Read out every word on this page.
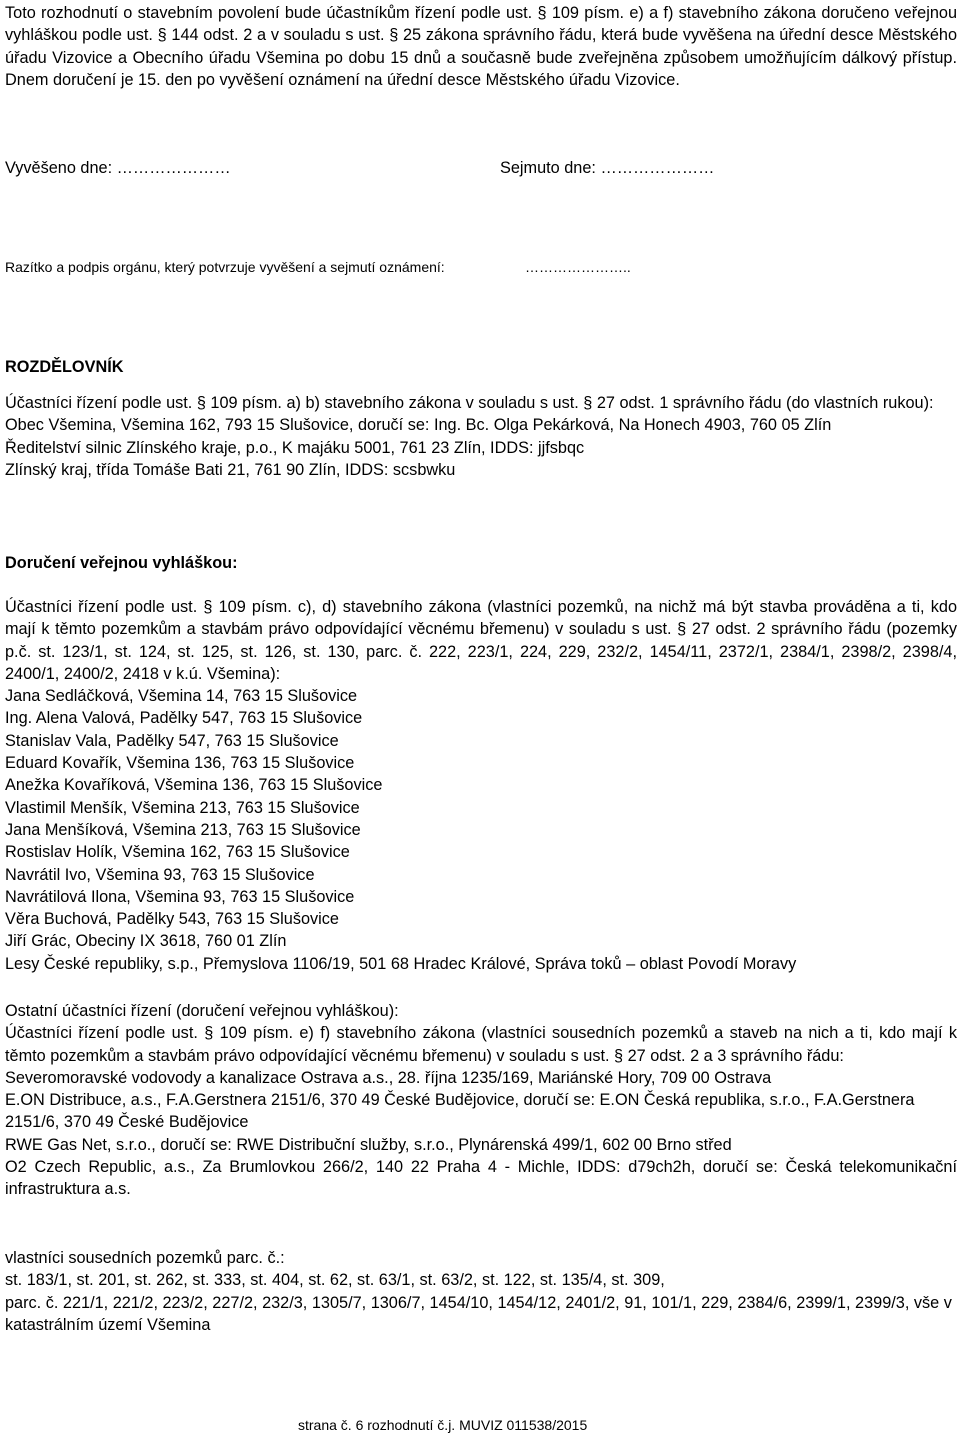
Toto rozhodnutí o stavebním povolení bude účastníkům řízení podle ust. § 109 písm. e) a f) stavebního zákona doručeno veřejnou vyhláškou podle ust. § 144 odst. 2 a v souladu s ust. § 25 zákona správního řádu, která bude vyvěšena na úřední desce Městského úřadu Vizovice a Obecního úřadu Všemina po dobu 15 dnů a současně bude zveřejněna způsobem umožňujícím dálkový přístup. Dnem doručení je 15. den po vyvěšení oznámení na úřední desce Městského úřadu Vizovice.
Vyvěšeno dne: …………………	Sejmuto dne: …………………
Razítko a podpis orgánu, který potvrzuje vyvěšení a sejmutí oznámení:	…………………..
ROZDĚLOVNÍK

Účastníci řízení podle ust. § 109 písm. a) b) stavebního zákona v souladu s ust. § 27 odst. 1 správního řádu (do vlastních rukou):

Obec Všemina, Všemina 162, 793 15 Slušovice, doručí se: Ing. Bc. Olga Pekárková, Na Honech 4903, 760 05 Zlín

Ředitelství silnic Zlínského kraje, p.o., K majáku 5001, 761 23 Zlín, IDDS: jjfsbqc

Zlínský kraj, třída Tomáše Bati 21, 761 90 Zlín, IDDS: scsbwku

Doručení veřejnou vyhláškou:

Účastníci řízení podle ust. § 109 písm. c), d) stavebního zákona (vlastníci pozemků, na nichž má být stavba prováděna a ti, kdo mají k těmto pozemkům a stavbám právo odpovídající věcnému břemenu) v souladu s ust. § 27 odst. 2 správního řádu (pozemky p.č. st. 123/1, st. 124, st. 125, st. 126, st. 130, parc. č. 222, 223/1, 224, 229, 232/2, 1454/11, 2372/1, 2384/1, 2398/2, 2398/4, 2400/1, 2400/2, 2418 v k.ú. Všemina):

Jana Sedláčková, Všemina 14, 763 15 Slušovice

Ing. Alena Valová, Padělky 547, 763 15 Slušovice

Stanislav Vala, Padělky 547, 763 15 Slušovice

Eduard Kovařík, Všemina 136, 763 15 Slušovice

Anežka Kovaříková, Všemina 136, 763 15 Slušovice

Vlastimil Menšík, Všemina 213, 763 15 Slušovice

Jana Menšíková, Všemina 213, 763 15 Slušovice

Rostislav Holík, Všemina 162, 763 15 Slušovice

Navrátil Ivo, Všemina 93, 763 15 Slušovice

Navrátilová Ilona, Všemina 93, 763 15 Slušovice

Věra Buchová, Padělky 543, 763 15 Slušovice

Jiří Grác, Obeciny IX 3618, 760 01 Zlín

Lesy České republiky, s.p., Přemyslova 1106/19, 501 68 Hradec Králové, Správa toků – oblast Povodí Moravy

Ostatní účastníci řízení (doručení veřejnou vyhláškou):

Účastníci řízení podle ust. § 109 písm. e) f) stavebního zákona (vlastníci sousedních pozemků a staveb na nich a ti, kdo mají k těmto pozemkům a stavbám právo odpovídající věcnému břemenu) v souladu s ust. § 27 odst. 2 a 3 správního řádu:

Severomoravské vodovody a kanalizace Ostrava a.s., 28. října 1235/169, Mariánské Hory, 709 00 Ostrava

E.ON Distribuce, a.s., F.A.Gerstnera 2151/6, 370 49 České Budějovice, doručí se: E.ON Česká republika, s.r.o., F.A.Gerstnera 2151/6, 370 49 České Budějovice

RWE Gas Net, s.r.o., doručí se: RWE Distribuční služby, s.r.o., Plynárenská 499/1, 602 00 Brno střed

O2 Czech Republic, a.s., Za Brumlovkou 266/2, 140 22 Praha 4 - Michle, IDDS: d79ch2h, doručí se: Česká telekomunikační infrastruktura a.s.

vlastníci sousedních pozemků parc. č.:

st. 183/1, st. 201, st. 262, st. 333, st. 404, st. 62, st. 63/1, st. 63/2, st. 122, st. 135/4, st. 309,

parc. č. 221/1, 221/2, 223/2, 227/2, 232/3, 1305/7, 1306/7, 1454/10, 1454/12, 2401/2, 91, 101/1, 229, 2384/6, 2399/1, 2399/3, vše v katastrálním území Všemina

strana č. 6 rozhodnutí č.j. MUVIZ 011538/2015
